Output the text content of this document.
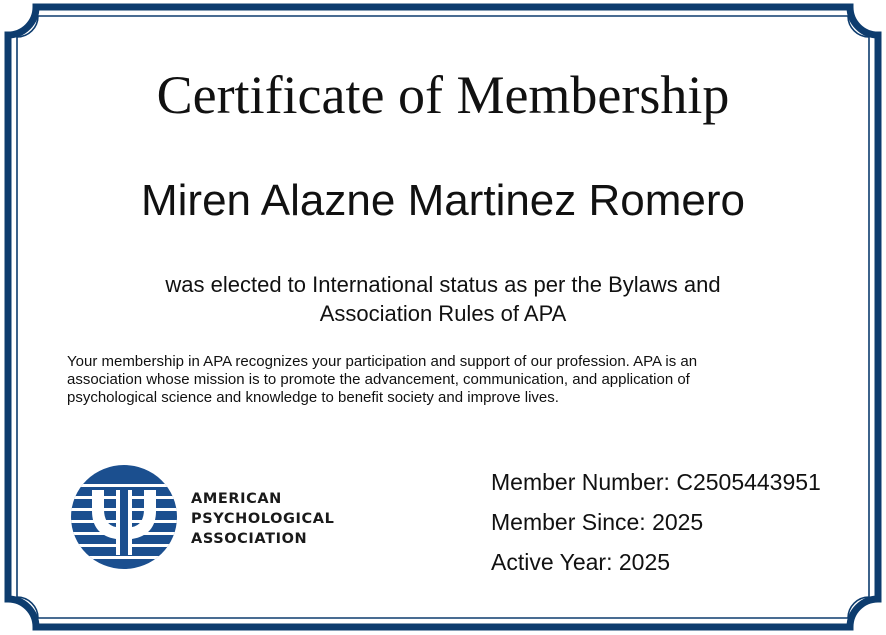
Certificate of Membership
Miren Alazne Martinez Romero
was elected to International status as per the Bylaws and
Association Rules of APA
Your membership in APA recognizes your participation and support of our profession. APA is an
association whose mission is to promote the advancement, communication, and application of
psychological science and knowledge to benefit society and improve lives.
AMERICAN
PSYCHOLOGICAL
ASSOCIATION
Member Number: C2505443951
Member Since: 2025
Active Year: 2025
